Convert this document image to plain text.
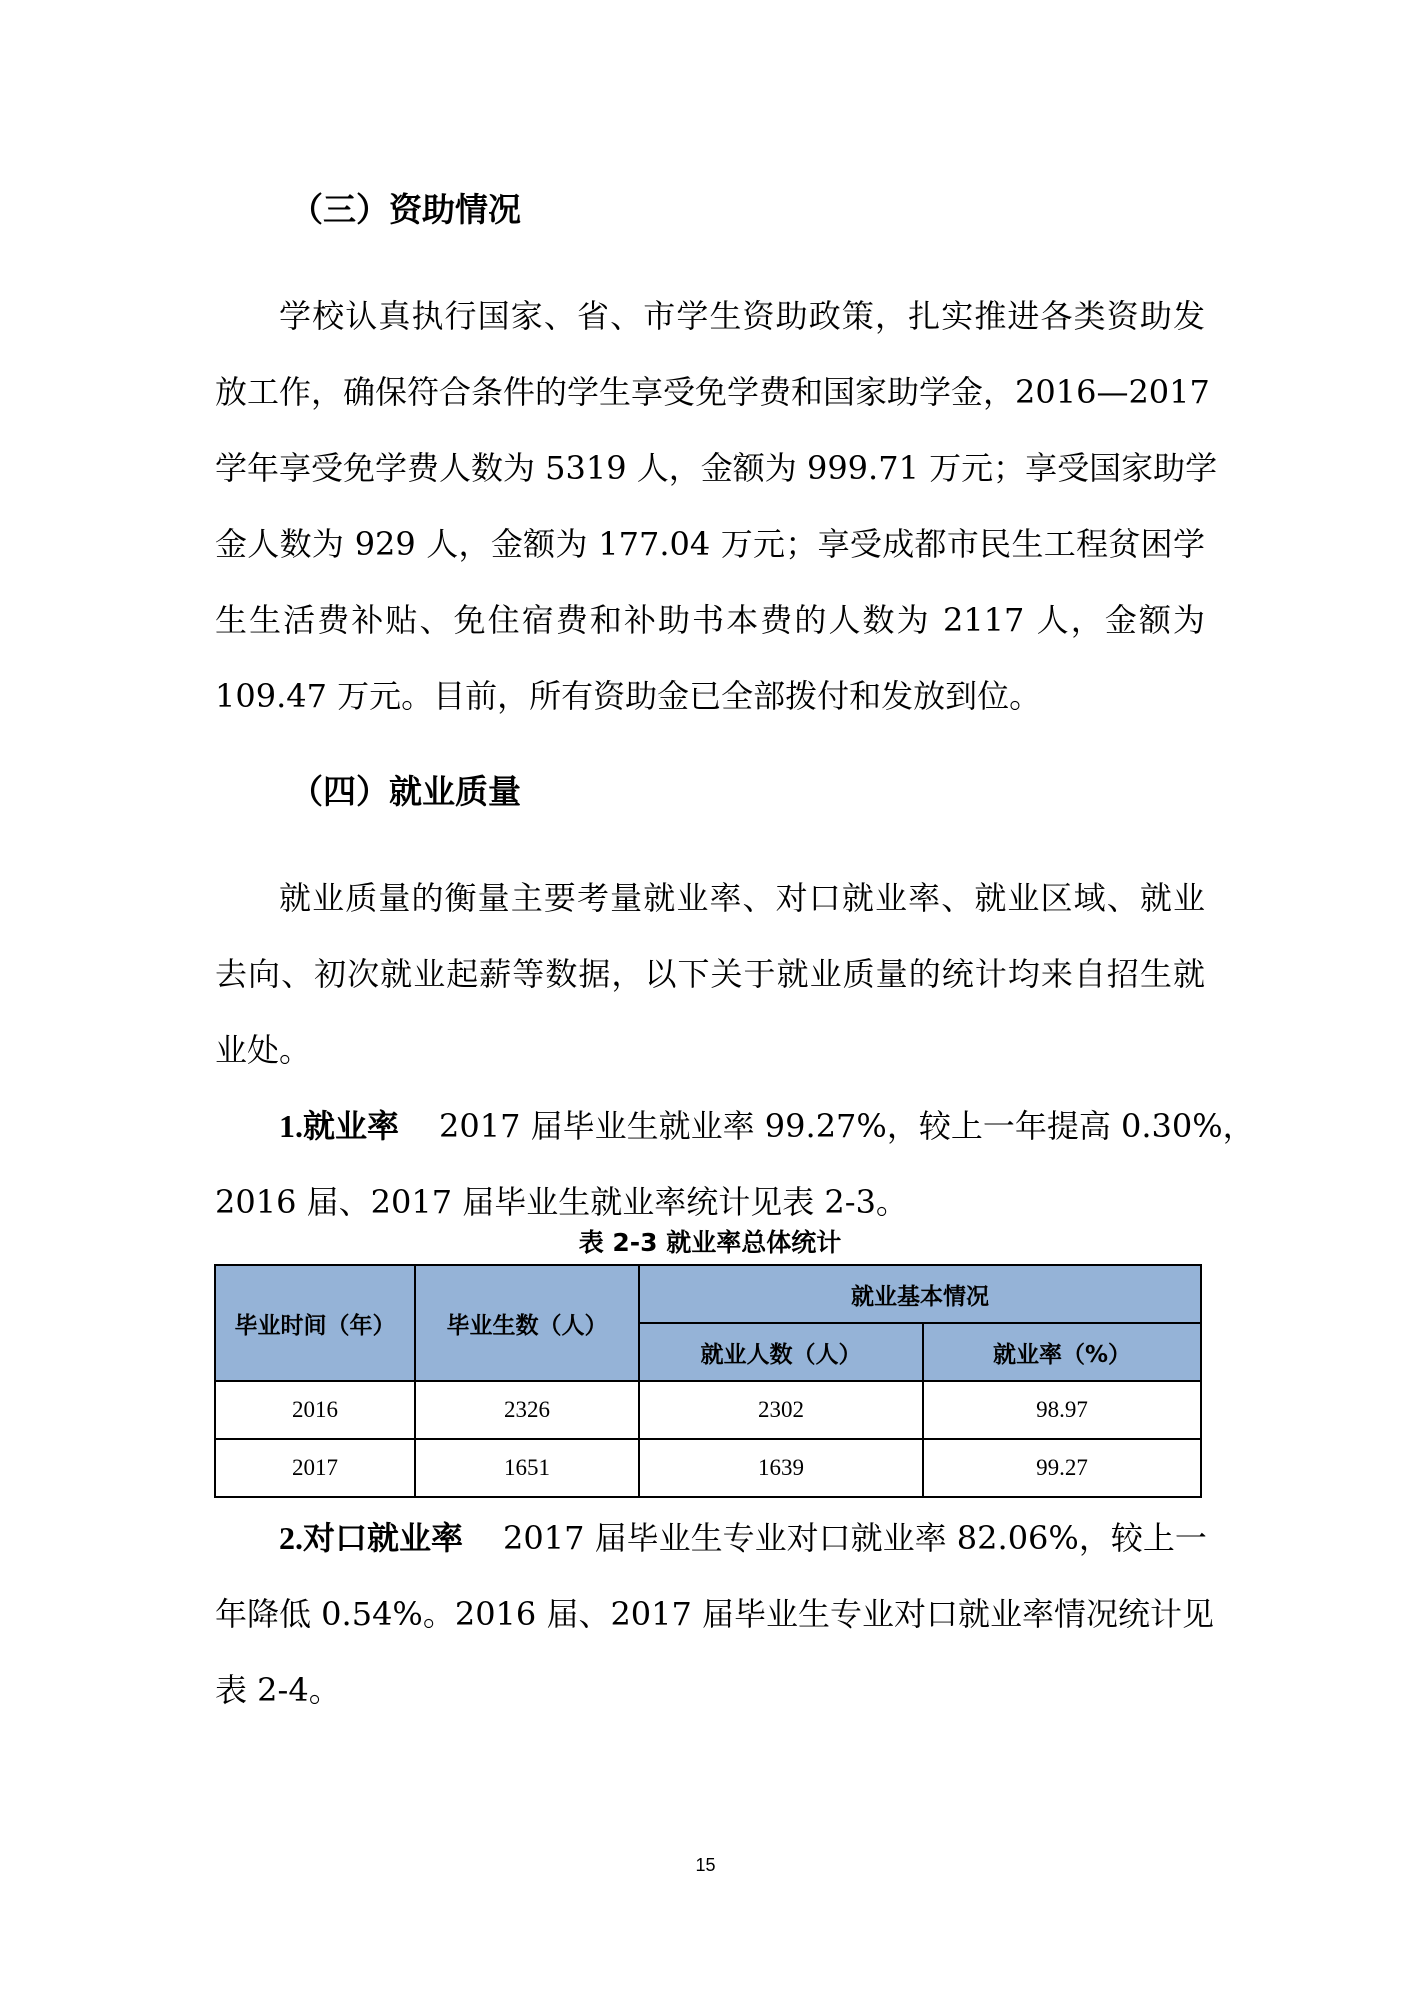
（三）资助情况
学校认真执行国家、省、市学生资助政策，扎实推进各类资助发
放工作，确保符合条件的学生享受免学费和国家助学金，2016—2017
学年享受免学费人数为 5319 人，金额为 999.71 万元；享受国家助学
金人数为 929 人，金额为 177.04 万元；享受成都市民生工程贫困学
生生活费补贴、免住宿费和补助书本费的人数为 2117 人，金额为
109.47 万元。目前，所有资助金已全部拨付和发放到位。
（四）就业质量
就业质量的衡量主要考量就业率、对口就业率、就业区域、就业
去向、初次就业起薪等数据，以下关于就业质量的统计均来自招生就
业处。
1.就业率 2017 届毕业生就业率 99.27%，较上一年提高 0.30%，
2016 届、2017 届毕业生就业率统计见表 2-3。
表 2-3 就业率总体统计
毕业时间（年）	毕业生数（人）	就业基本情况	
		就业人数（人）	就业率（%）
2016	2326	2302	98.97
2017	1651	1639	99.27
2.对口就业率 2017 届毕业生专业对口就业率 82.06%，较上一
年降低 0.54%。2016 届、2017 届毕业生专业对口就业率情况统计见
表 2-4。
15
